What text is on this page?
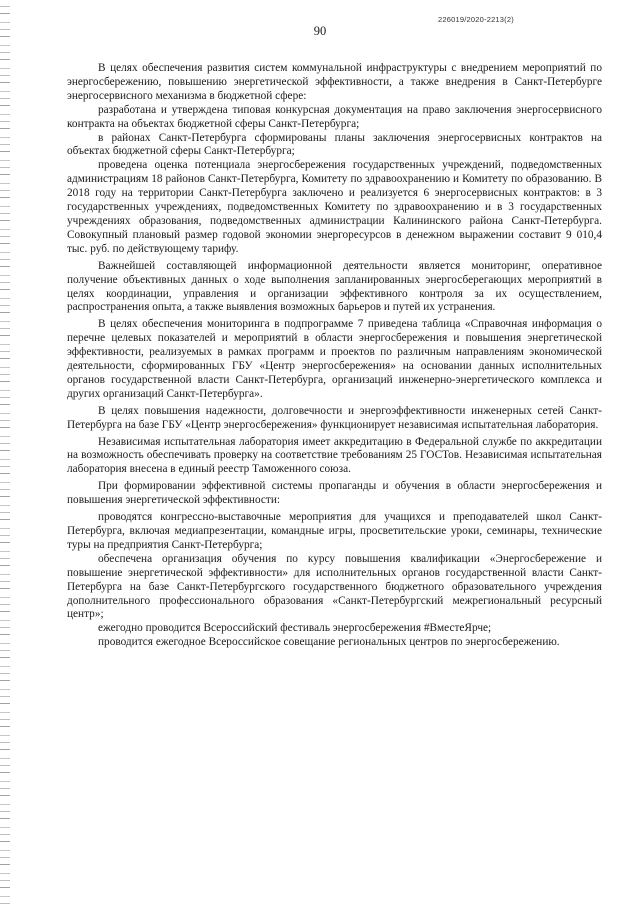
226019/2020-2213(2)
90

В целях обеспечения развития систем коммунальной инфраструктуры с внедрением мероприятий по энергосбережению, повышению энергетической эффективности, а также внедрения в Санкт-Петербурге энергосервисного механизма в бюджетной сфере:

разработана и утверждена типовая конкурсная документация на право заключения энергосервисного контракта на объектах бюджетной сферы Санкт-Петербурга;

в районах Санкт-Петербурга сформированы планы заключения энергосервисных контрактов на объектах бюджетной сферы Санкт-Петербурга;

проведена оценка потенциала энергосбережения государственных учреждений, подведомственных администрациям 18 районов Санкт-Петербурга, Комитету по здравоохранению и Комитету по образованию. В 2018 году на территории Санкт-Петербурга заключено и реализуется 6 энергосервисных контрактов: в 3 государственных учреждениях, подведомственных Комитету по здравоохранению и в 3 государственных учреждениях образования, подведомственных администрации Калининского района Санкт-Петербурга. Совокупный плановый размер годовой экономии энергоресурсов в денежном выражении составит 9 010,4 тыс. руб. по действующему тарифу.

Важнейшей составляющей информационной деятельности является мониторинг, оперативное получение объективных данных о ходе выполнения запланированных энергосберегающих мероприятий в целях координации, управления и организации эффективного контроля за их осуществлением, распространения опыта, а также выявления возможных барьеров и путей их устранения.

В целях обеспечения мониторинга в подпрограмме 7 приведена таблица «Справочная информация о перечне целевых показателей и мероприятий в области энергосбережения и повышения энергетической эффективности, реализуемых в рамках программ и проектов по различным направлениям экономической деятельности, сформированных ГБУ «Центр энергосбережения» на основании данных исполнительных органов государственной власти Санкт-Петербурга, организаций инженерно-энергетического комплекса и других организаций Санкт-Петербурга».

В целях повышения надежности, долговечности и энергоэффективности инженерных сетей Санкт-Петербурга на базе ГБУ «Центр энергосбережения» функционирует независимая испытательная лаборатория.

Независимая испытательная лаборатория имеет аккредитацию в Федеральной службе по аккредитации на возможность обеспечивать проверку на соответствие требованиям 25 ГОСТов. Независимая испытательная лаборатория внесена в единый реестр Таможенного союза.

При формировании эффективной системы пропаганды и обучения в области энергосбережения и повышения энергетической эффективности:

проводятся конгрессно-выставочные мероприятия для учащихся и преподавателей школ Санкт-Петербурга, включая медиапрезентации, командные игры, просветительские уроки, семинары, технические туры на предприятия Санкт-Петербурга;

обеспечена организация обучения по курсу повышения квалификации «Энергосбережение и повышение энергетической эффективности» для исполнительных органов государственной власти Санкт-Петербурга на базе Санкт-Петербургского государственного бюджетного образовательного учреждения дополнительного профессионального образования «Санкт-Петербургский межрегиональный ресурсный центр»;

ежегодно проводится Всероссийский фестиваль энергосбережения #ВместеЯрче;

проводится ежегодное Всероссийское совещание региональных центров по энергосбережению.
